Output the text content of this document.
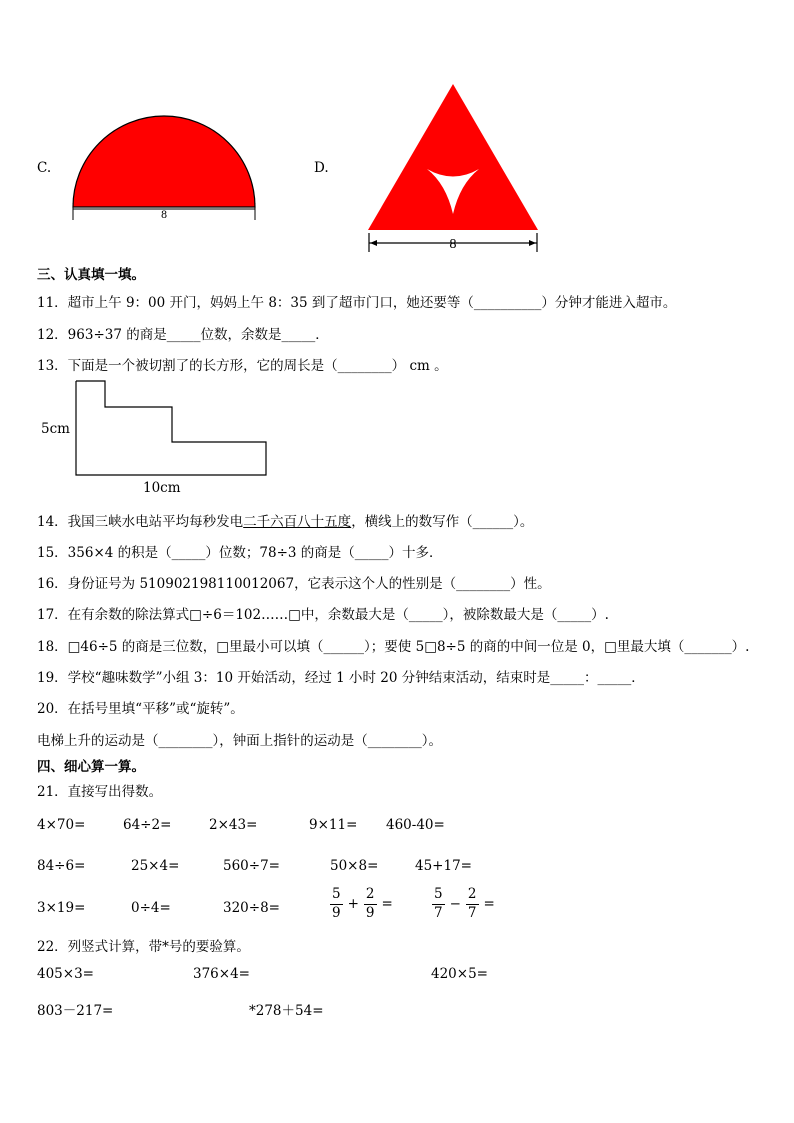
C.
8
D.
8
三、认真填一填。
11．超市上午 9：00 开门，妈妈上午 8：35 到了超市门口，她还要等（__________）分钟才能进入超市。
12．963÷37 的商是_____位数，余数是_____．
13．下面是一个被切割了的长方形，它的周长是（________） cm 。
5cm
10cm
14．我国三峡水电站平均每秒发电二千六百八十五度，横线上的数写作（______）。
15．356×4 的积是（_____）位数；78÷3 的商是（_____）十多．
16．身份证号为 510902198110012067，它表示这个人的性别是（________）性。
17．在有余数的除法算式□÷6＝102……□中，余数最大是（_____），被除数最大是（_____）.
18．□46÷5 的商是三位数，□里最小可以填（______）；要使 5□8÷5 的商的中间一位是 0，□里最大填（_______）.
19．学校“趣味数学”小组 3：10 开始活动，经过 1 小时 20 分钟结束活动，结束时是_____：_____．
20．在括号里填“平移”或“旋转”。
电梯上升的运动是（________），钟面上指针的运动是（________）。
四、细心算一算。
21．直接写出得数。
4×70=	64÷2=	2×43=	9×11= 460-40=
84÷6=	25×4=	560÷7=	50×8=	45+17=
3×19=	0÷4=	320÷8=	$\frac{5}{9} + \frac{2}{9}$ =	$\frac{5}{7} - \frac{2}{7}$ =
22．列竖式计算，带*号的要验算。
405×3=	376×4=	420×5=
803－217=	*278＋54=
